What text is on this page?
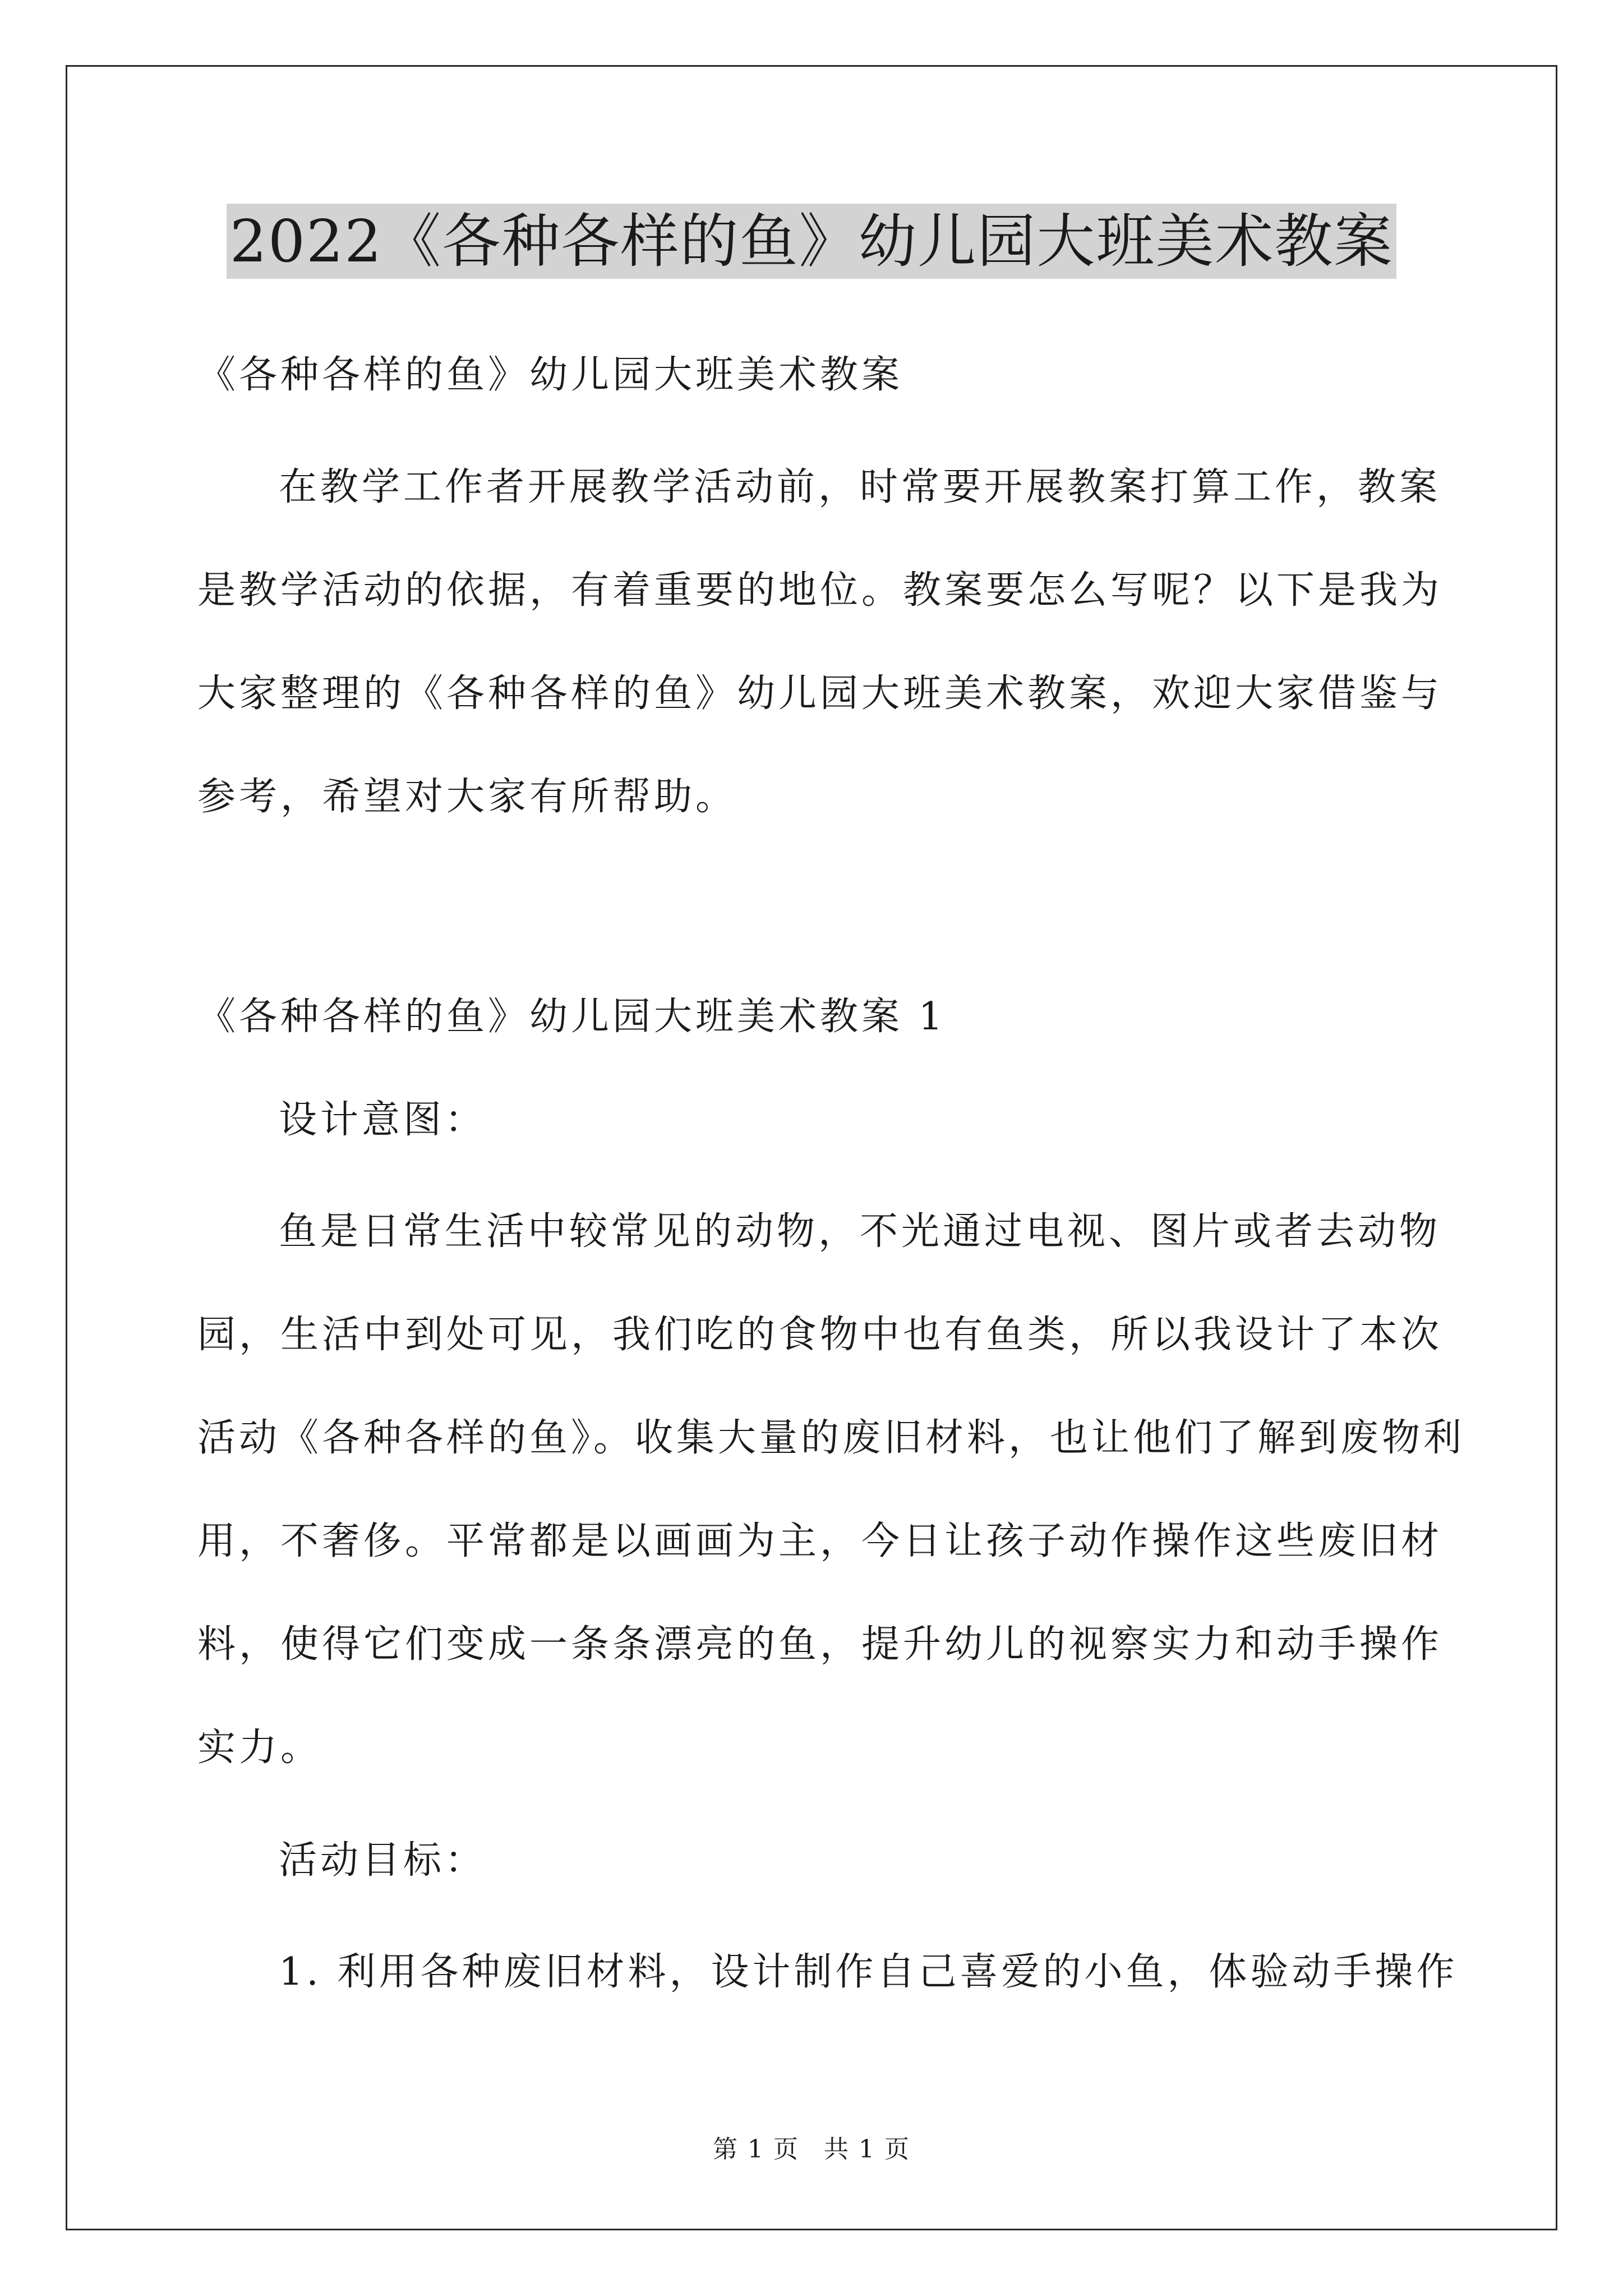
2022《各种各样的鱼》幼儿园大班美术教案
《各种各样的鱼》幼儿园大班美术教案
在教学工作者开展教学活动前，时常要开展教案打算工作，教案
是教学活动的依据，有着重要的地位。教案要怎么写呢？以下是我为
大家整理的《各种各样的鱼》幼儿园大班美术教案，欢迎大家借鉴与
参考，希望对大家有所帮助。
《各种各样的鱼》幼儿园大班美术教案 1
设计意图：
鱼是日常生活中较常见的动物，不光通过电视、图片或者去动物
园，生活中到处可见，我们吃的食物中也有鱼类，所以我设计了本次
活动《各种各样的鱼》。收集大量的废旧材料，也让他们了解到废物利
用，不奢侈。平常都是以画画为主，今日让孩子动作操作这些废旧材
料，使得它们变成一条条漂亮的鱼，提升幼儿的视察实力和动手操作
实力。
活动目标：
1. 利用各种废旧材料，设计制作自己喜爱的小鱼，体验动手操作
第 1 页 共 1 页
